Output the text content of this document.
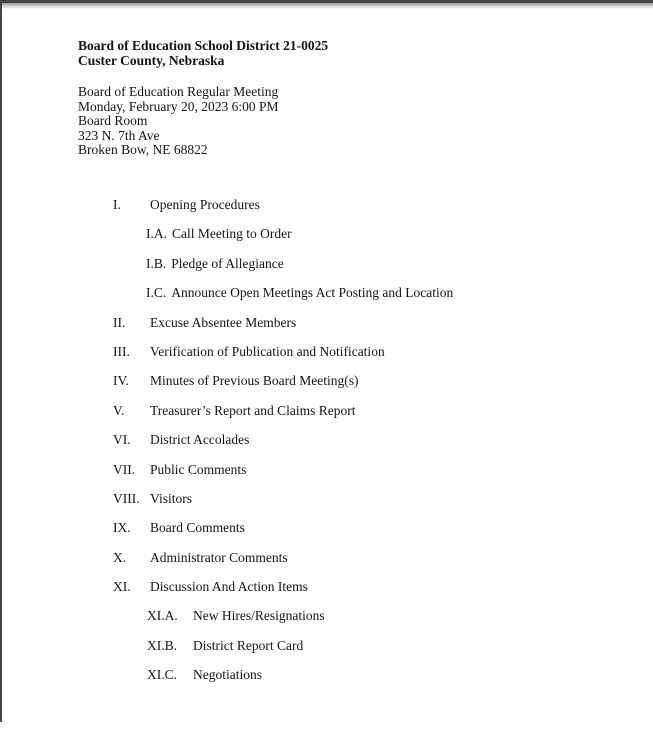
Board of Education School District 21-0025
Custer County, Nebraska
Board of Education Regular Meeting
Monday, February 20, 2023 6:00 PM
Board Room
323 N. 7th Ave
Broken Bow, NE 68822
I.	Opening Procedures
I.A. Call Meeting to Order
I.B. Pledge of Allegiance
I.C. Announce Open Meetings Act Posting and Location
II.	Excuse Absentee Members
III.	Verification of Publication and Notification
IV.	Minutes of Previous Board Meeting(s)
V.	Treasurer’s Report and Claims Report
VI.	District Accolades
VII.	Public Comments
VIII. Visitors
IX.	Board Comments
X.	Administrator Comments
XI.	Discussion And Action Items
XI.A.	New Hires/Resignations
XI.B.	District Report Card
XI.C.	Negotiations
